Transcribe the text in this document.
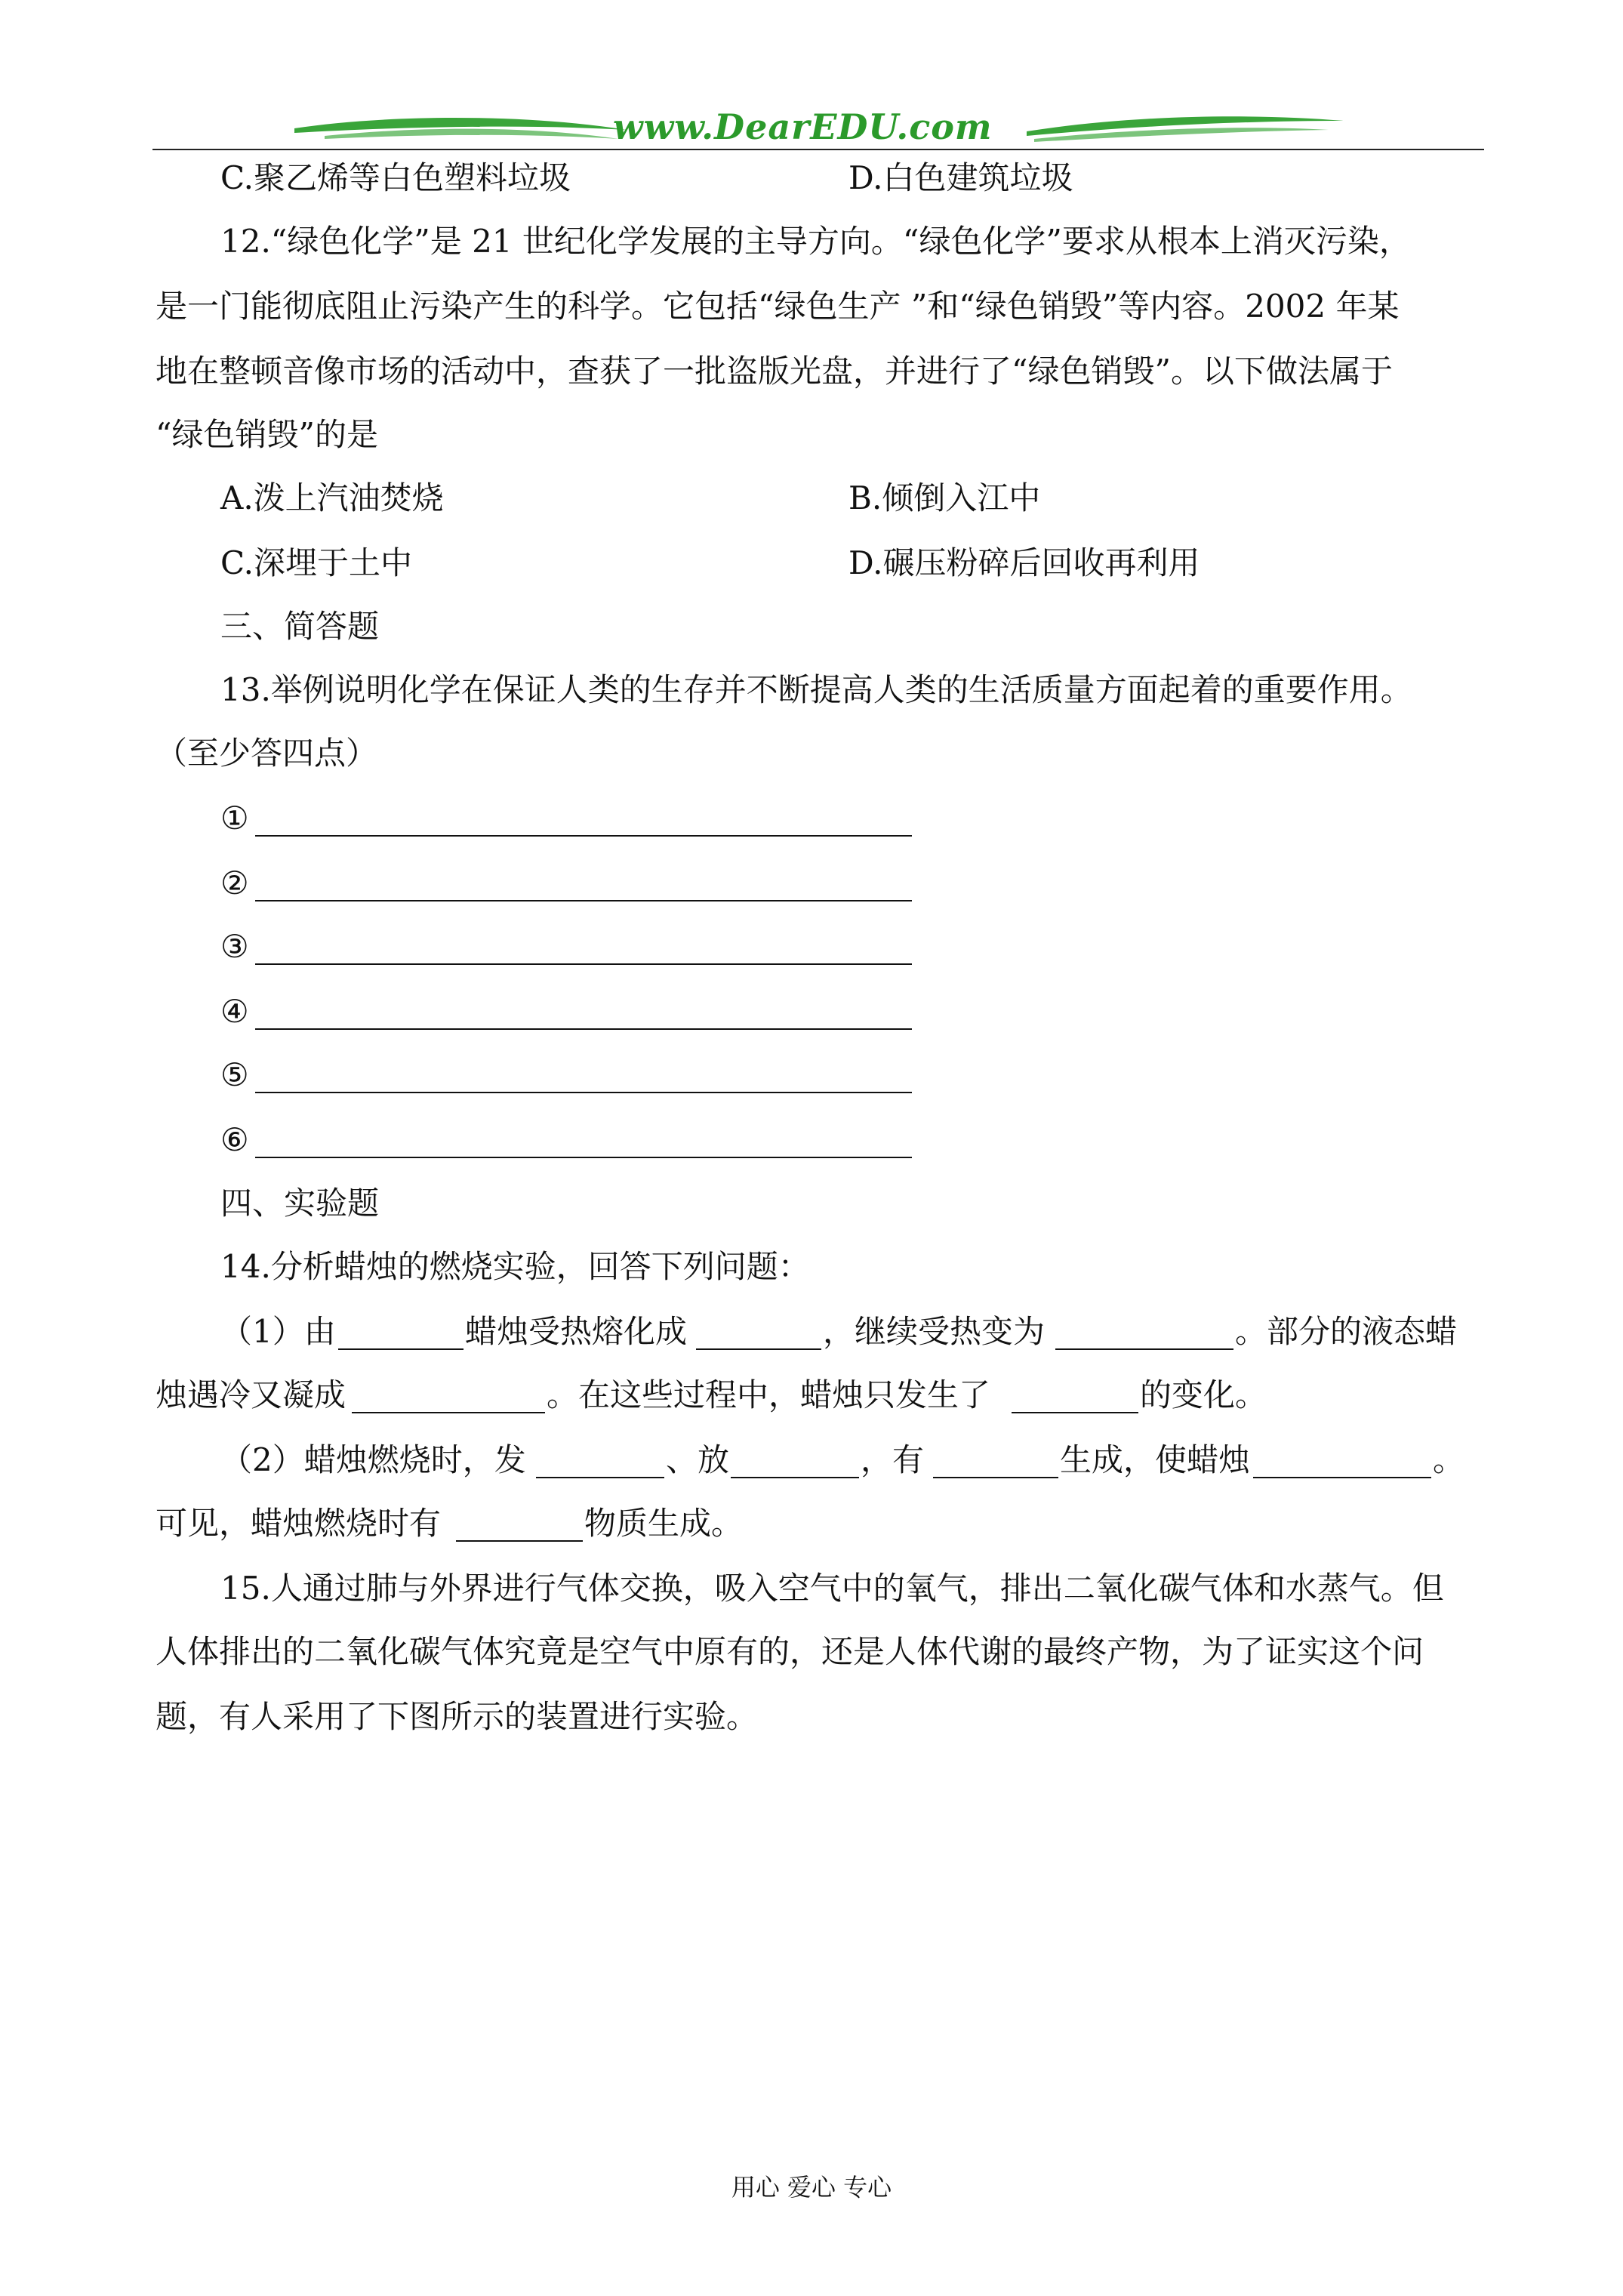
www.DearEDU.com
C.聚乙烯等白色塑料垃圾	D.白色建筑垃圾
12.“绿色化学”是 21 世纪化学发展的主导方向。“绿色化学”要求从根本上消灭污染，
是一门能彻底阻止污染产生的科学。它包括“绿色生产 ”和“绿色销毁”等内容。2002 年某
地在整顿音像市场的活动中，查获了一批盗版光盘，并进行了“绿色销毁”。以下做法属于
“绿色销毁”的是
A.泼上汽油焚烧	B.倾倒入江中
C.深埋于土中	D.碾压粉碎后回收再利用
三、简答题
13.举例说明化学在保证人类的生存并不断提高人类的生活质量方面起着的重要作用。
（至少答四点）
①
②
③
④
⑤
⑥
四、实验题
14.分析蜡烛的燃烧实验，回答下列问题：
（1）由	蜡烛受热熔化成	，继续受热变为	。部分的液态蜡
烛遇冷又凝成	。在这些过程中，蜡烛只发生了	的变化。
（2）蜡烛燃烧时，发	、放	，有	生成，使蜡烛	。
可见，蜡烛燃烧时有	物质生成。
15.人通过肺与外界进行气体交换，吸入空气中的氧气，排出二氧化碳气体和水蒸气。但
人体排出的二氧化碳气体究竟是空气中原有的，还是人体代谢的最终产物，为了证实这个问
题，有人采用了下图所示的装置进行实验。
用心 爱心 专心
